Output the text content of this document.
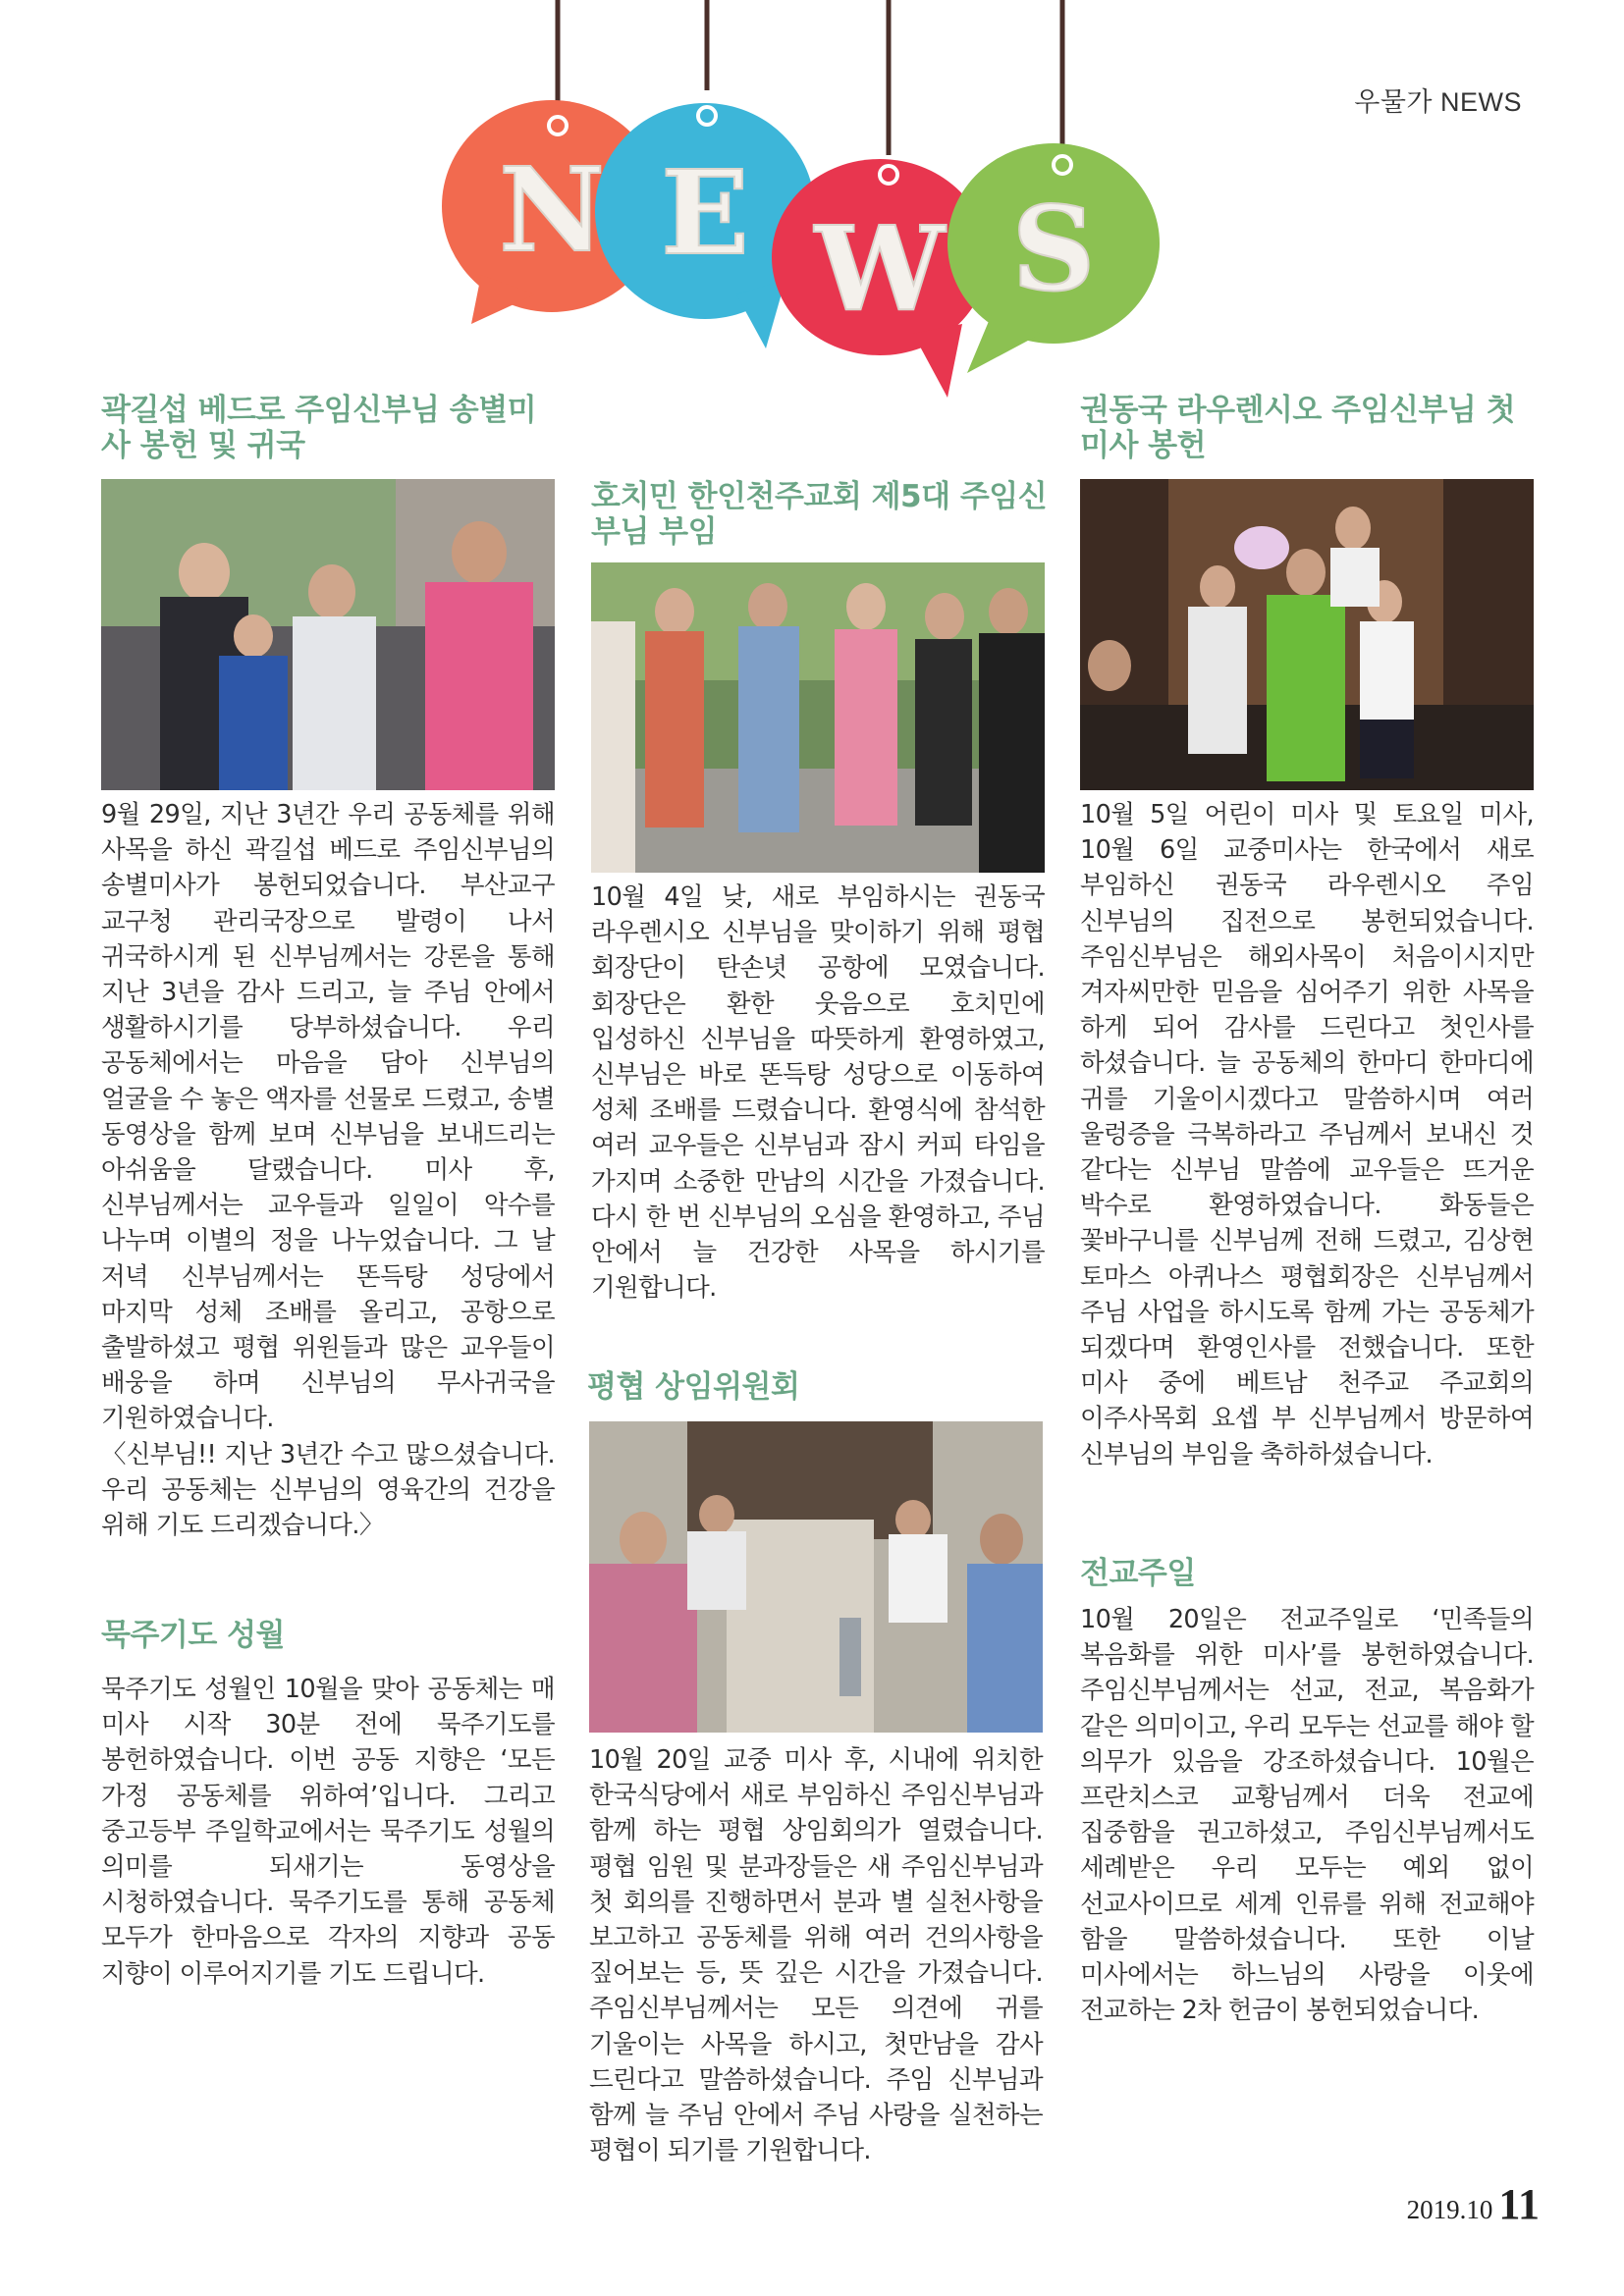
우물가 NEWS
N E W S
곽길섭 베드로 주임신부님 송별미사 봉헌 및 귀국

9월 29일, 지난 3년간 우리 공동체를 위해 사목을 하신 곽길섭 베드로 주임신부님의 송별미사가 봉헌되었습니다. 부산교구 교구청 관리국장으로 발령이 나서 귀국하시게 된 신부님께서는 강론을 통해 지난 3년을 감사 드리고, 늘 주님 안에서 생활하시기를 당부하셨습니다. 우리 공동체에서는 마음을 담아 신부님의 얼굴을 수 놓은 액자를 선물로 드렸고, 송별 동영상을 함께 보며 신부님을 보내드리는 아쉬움을 달랬습니다. 미사 후, 신부님께서는 교우들과 일일이 악수를 나누며 이별의 정을 나누었습니다. 그 날 저녁 신부님께서는 똔득탕 성당에서 마지막 성체 조배를 올리고, 공항으로 출발하셨고 평협 위원들과 많은 교우들이 배웅을 하며 신부님의 무사귀국을 기원하였습니다.

〈신부님!! 지난 3년간 수고 많으셨습니다. 우리 공동체는 신부님의 영육간의 건강을 위해 기도 드리겠습니다.〉

묵주기도 성월
묵주기도 성월인 10월을 맞아 공동체는 매 미사 시작 30분 전에 묵주기도를 봉헌하였습니다. 이번 공동 지향은 ‘모든 가정 공동체를 위하여’입니다. 그리고 중고등부 주일학교에서는 묵주기도 성월의 의미를 되새기는 동영상을 시청하였습니다. 묵주기도를 통해 공동체 모두가 한마음으로 각자의 지향과 공동 지향이 이루어지기를 기도 드립니다.
호치민 한인천주교회 제5대 주임신부님 부임
10월 4일 낮, 새로 부임하시는 권동국 라우렌시오 신부님을 맞이하기 위해 평협 회장단이 탄손녓 공항에 모였습니다. 회장단은 환한 웃음으로 호치민에 입성하신 신부님을 따뜻하게 환영하였고, 신부님은 바로 똔득탕 성당으로 이동하여 성체 조배를 드렸습니다. 환영식에 참석한 여러 교우들은 신부님과 잠시 커피 타임을 가지며 소중한 만남의 시간을 가졌습니다. 다시 한 번 신부님의 오심을 환영하고, 주님 안에서 늘 건강한 사목을 하시기를 기원합니다.
평협 상임위원회
10월 20일 교중 미사 후, 시내에 위치한 한국식당에서 새로 부임하신 주임신부님과 함께 하는 평협 상임회의가 열렸습니다. 평협 임원 및 분과장들은 새 주임신부님과 첫 회의를 진행하면서 분과 별 실천사항을 보고하고 공동체를 위해 여러 건의사항을 짚어보는 등, 뜻 깊은 시간을 가졌습니다. 주임신부님께서는 모든 의견에 귀를 기울이는 사목을 하시고, 첫만남을 감사 드린다고 말씀하셨습니다. 주임 신부님과 함께 늘 주님 안에서 주님 사랑을 실천하는 평협이 되기를 기원합니다.
권동국 라우렌시오 주임신부님 첫 미사 봉헌
10월 5일 어린이 미사 및 토요일 미사, 10월 6일 교중미사는 한국에서 새로 부임하신 권동국 라우렌시오 주임 신부님의 집전으로 봉헌되었습니다. 주임신부님은 해외사목이 처음이시지만 겨자씨만한 믿음을 심어주기 위한 사목을 하게 되어 감사를 드린다고 첫인사를 하셨습니다. 늘 공동체의 한마디 한마디에 귀를 기울이시겠다고 말씀하시며 여러 울렁증을 극복하라고 주님께서 보내신 것 같다는 신부님 말씀에 교우들은 뜨거운 박수로 환영하였습니다. 화동들은 꽃바구니를 신부님께 전해 드렸고, 김상현 토마스 아퀴나스 평협회장은 신부님께서 주님 사업을 하시도록 함께 가는 공동체가 되겠다며 환영인사를 전했습니다. 또한 미사 중에 베트남 천주교 주교회의 이주사목회 요셉 부 신부님께서 방문하여 신부님의 부임을 축하하셨습니다.
전교주일
10월 20일은 전교주일로 ‘민족들의 복음화를 위한 미사’를 봉헌하였습니다. 주임신부님께서는 선교, 전교, 복음화가 같은 의미이고, 우리 모두는 선교를 해야 할 의무가 있음을 강조하셨습니다. 10월은 프란치스코 교황님께서 더욱 전교에 집중함을 권고하셨고, 주임신부님께서도 세례받은 우리 모두는 예외 없이 선교사이므로 세계 인류를 위해 전교해야 함을 말씀하셨습니다. 또한 이날 미사에서는 하느님의 사랑을 이웃에 전교하는 2차 헌금이 봉헌되었습니다.
2019.10 11
